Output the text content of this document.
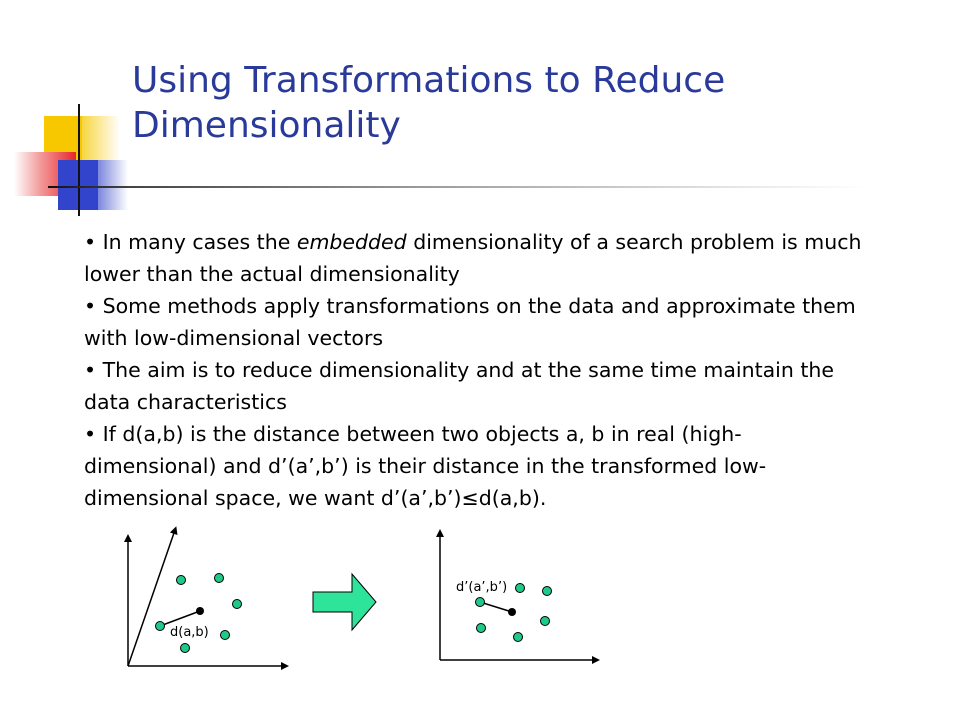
Using Transformations to Reduce Dimensionality
• In many cases the embedded dimensionality of a search problem is much lower than the actual dimensionality
• Some methods apply transformations on the data and approximate them with low-dimensional vectors
• The aim is to reduce dimensionality and at the same time maintain the data characteristics
• If d(a,b) is the distance between two objects a, b in real (high-dimensional) and d’(a’,b’) is their distance in the transformed low-dimensional space, we want d’(a’,b’)≤d(a,b).
d(a,b)
d’(a’,b’)
